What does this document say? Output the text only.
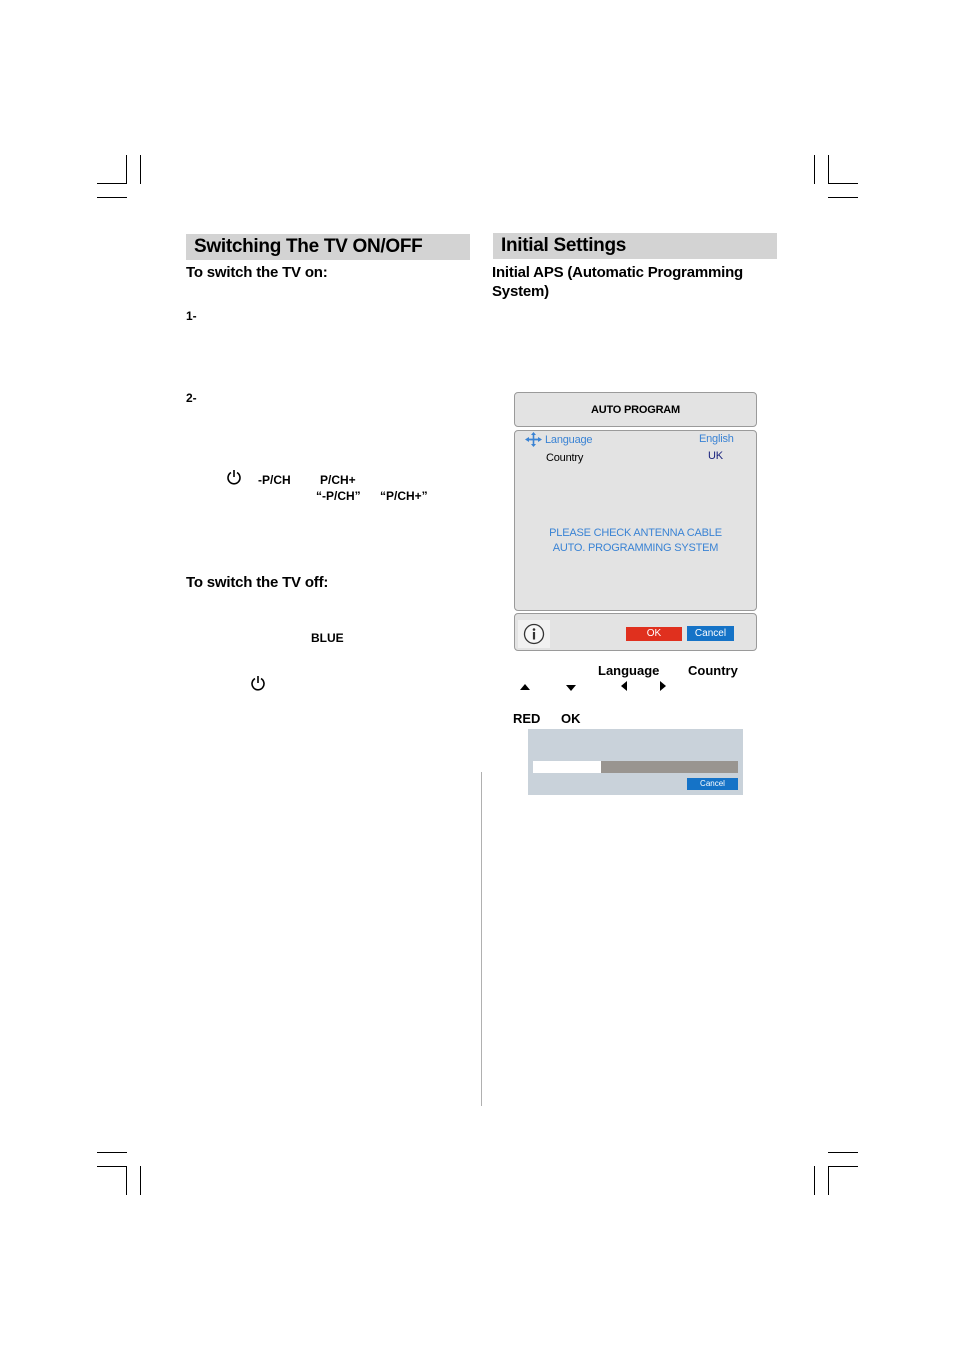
Switching The TV ON/OFF
To switch the TV on:
1-
2-
-P/CH P/CH+
“-P/CH” “P/CH+”
To switch the TV off:
BLUE
Initial Settings
Initial APS (Automatic Programming System)
AUTO PROGRAM
Language	English
Country	UK
PLEASE CHECK ANTENNA CABLE
AUTO. PROGRAMMING SYSTEM
OK	Cancel
Language Country
RED OK
Cancel
